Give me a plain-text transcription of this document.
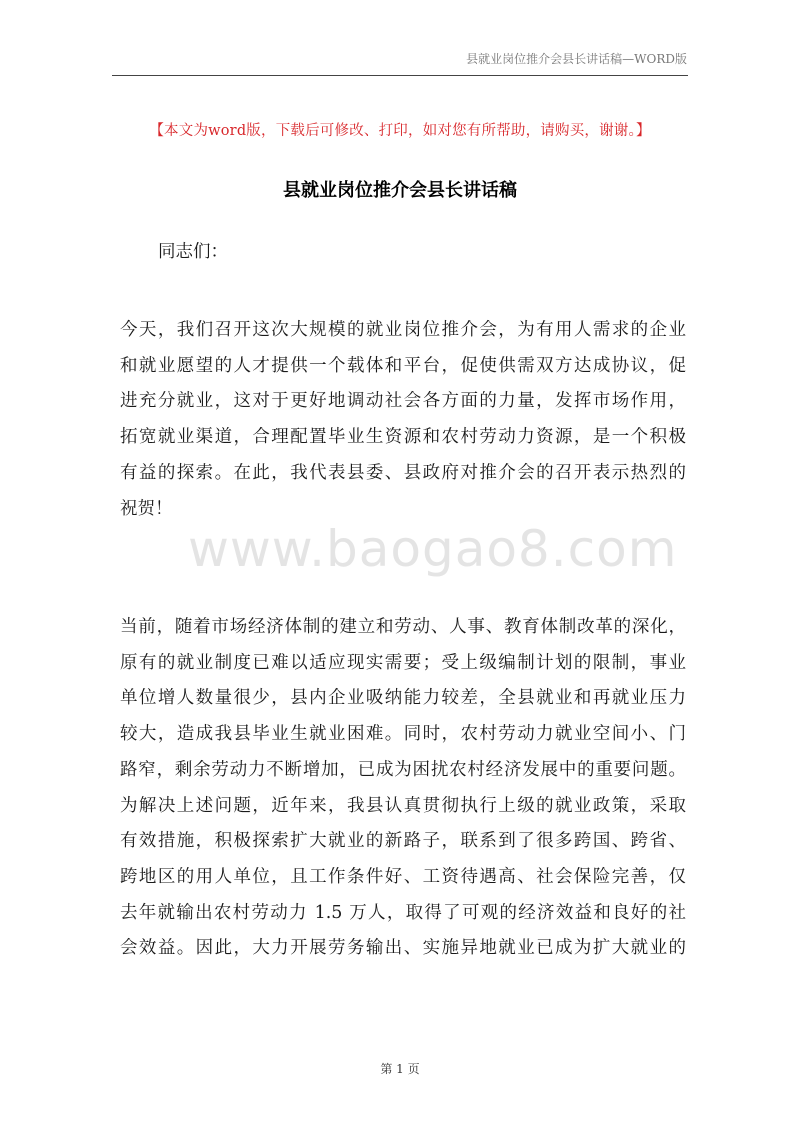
县就业岗位推介会县长讲话稿—WORD版
【本文为word版，下载后可修改、打印，如对您有所帮助，请购买，谢谢。】
县就业岗位推介会县长讲话稿
同志们：
www.baogao8.com

今天，我们召开这次大规模的就业岗位推介会，为有用人需求的企业
和就业愿望的人才提供一个载体和平台，促使供需双方达成协议，促
进充分就业，这对于更好地调动社会各方面的力量，发挥市场作用，
拓宽就业渠道，合理配置毕业生资源和农村劳动力资源，是一个积极
有益的探索。在此，我代表县委、县政府对推介会的召开表示热烈的
祝贺！

当前，随着市场经济体制的建立和劳动、人事、教育体制改革的深化，
原有的就业制度已难以适应现实需要；受上级编制计划的限制，事业
单位增人数量很少，县内企业吸纳能力较差，全县就业和再就业压力
较大，造成我县毕业生就业困难。同时，农村劳动力就业空间小、门
路窄，剩余劳动力不断增加，已成为困扰农村经济发展中的重要问题。
为解决上述问题，近年来，我县认真贯彻执行上级的就业政策，采取
有效措施，积极探索扩大就业的新路子，联系到了很多跨国、跨省、
跨地区的用人单位，且工作条件好、工资待遇高、社会保险完善，仅
去年就输出农村劳动力 1.5 万人，取得了可观的经济效益和良好的社
会效益。因此，大力开展劳务输出、实施异地就业已成为扩大就业的

第 1 页
